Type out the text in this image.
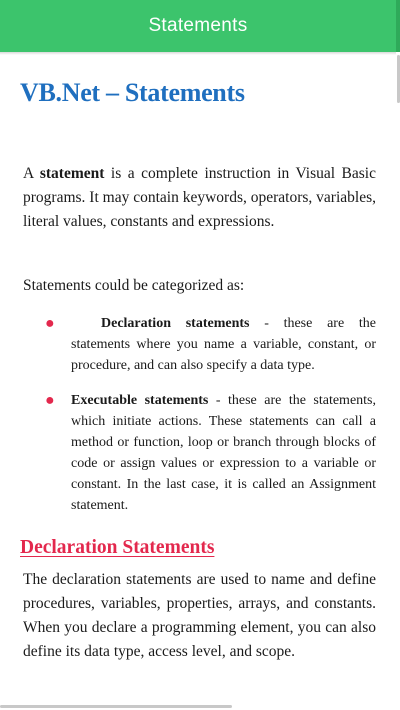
Statements
VB.Net – Statements

A statement is a complete instruction in Visual Basic programs. It may contain keywords, operators, variables, literal values, constants and expressions.

Statements could be categorized as:

●	Declaration statements - these are the statements where you name a variable, constant, or procedure, and can also specify a data type.
● Executable statements - these are the statements, which initiate actions. These statements can call a method or function, loop or branch through blocks of code or assign values or expression to a variable or constant. In the last case, it is called an Assignment statement.
Declaration Statements

The declaration statements are used to name and define procedures, variables, properties, arrays, and constants. When you declare a programming element, you can also define its data type, access level, and scope.
